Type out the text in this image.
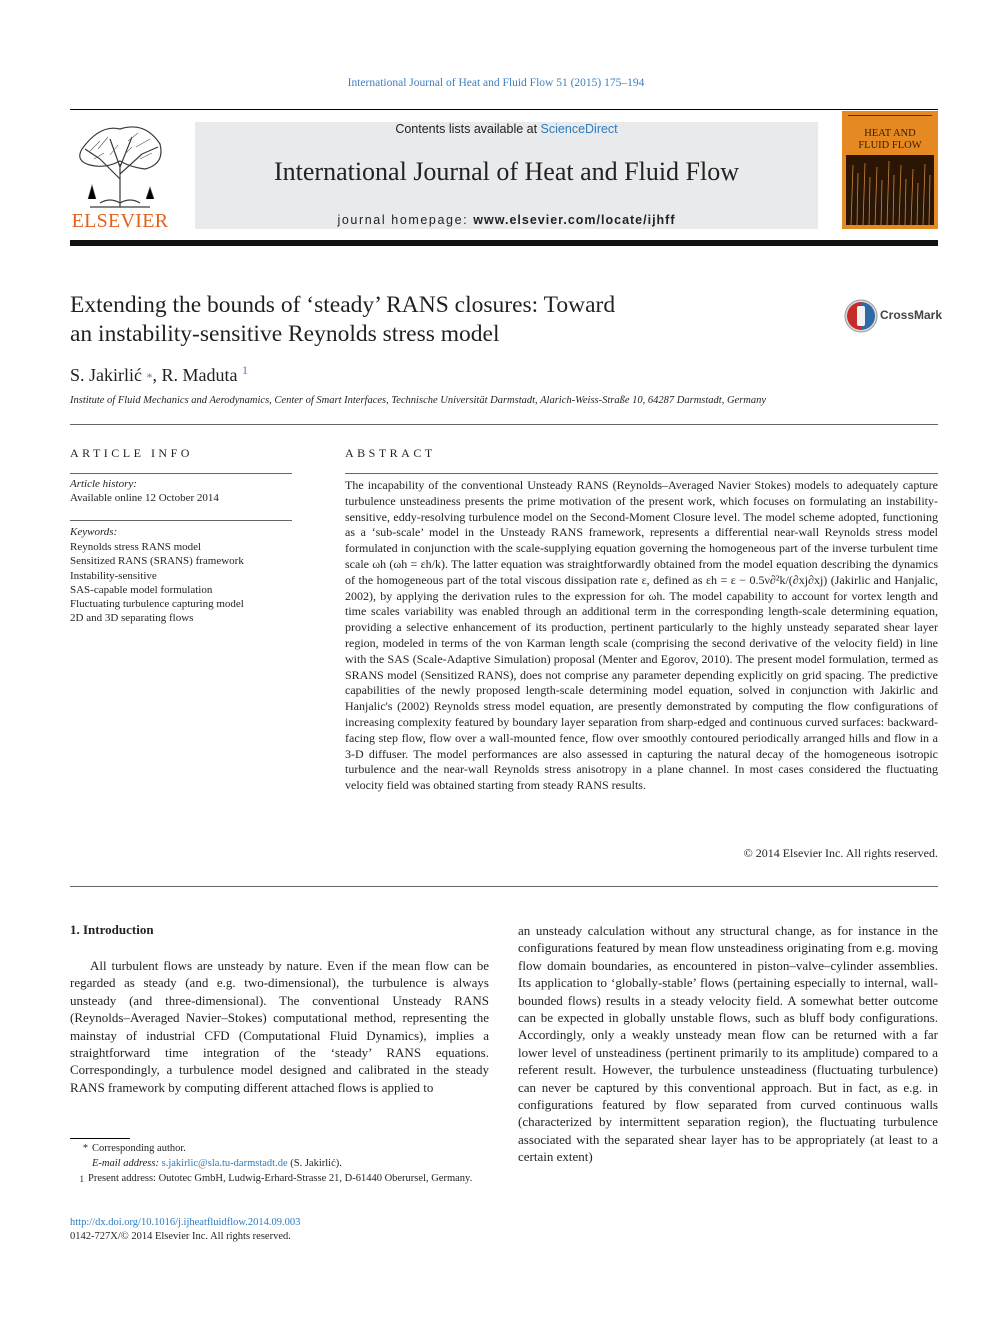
International Journal of Heat and Fluid Flow 51 (2015) 175–194
ELSEVIER
Contents lists available at ScienceDirect
International Journal of Heat and Fluid Flow
journal homepage: www.elsevier.com/locate/ijhff
HEAT AND
FLUID FLOW
Extending the bounds of ‘steady’ RANS closures: Toward
an instability-sensitive Reynolds stress model
CrossMark
S. Jakirlić *, R. Maduta $^1$
Institute of Fluid Mechanics and Aerodynamics, Center of Smart Interfaces, Technische Universität Darmstadt, Alarich-Weiss-Straße 10, 64287 Darmstadt, Germany
ARTICLE INFO
Article history:
Available online 12 October 2014
Keywords:
Reynolds stress RANS model
Sensitized RANS (SRANS) framework
Instability-sensitive
SAS-capable model formulation
Fluctuating turbulence capturing model
2D and 3D separating flows
ABSTRACT

The incapability of the conventional Unsteady RANS (Reynolds–Averaged Navier Stokes) models to adequately capture turbulence unsteadiness presents the prime motivation of the present work, which focuses on formulating an instability-sensitive, eddy-resolving turbulence model on the Second-Moment Closure level. The model scheme adopted, functioning as a ‘sub-scale’ model in the Unsteady RANS framework, represents a differential near-wall Reynolds stress model formulated in conjunction with the scale-supplying equation governing the homogeneous part of the inverse turbulent time scale ωh (ωh = εh/k). The latter equation was straightforwardly obtained from the model equation describing the dynamics of the homogeneous part of the total viscous dissipation rate ε, defined as εh = ε − 0.5ν∂²k/(∂xj∂xj) (Jakirlic and Hanjalic, 2002), by applying the derivation rules to the expression for ωh. The model capability to account for vortex length and time scales variability was enabled through an additional term in the corresponding length-scale determining equation, providing a selective enhancement of its production, pertinent particularly to the highly unsteady separated shear layer region, modeled in terms of the von Karman length scale (comprising the second derivative of the velocity field) in line with the SAS (Scale-Adaptive Simulation) proposal (Menter and Egorov, 2010). The present model formulation, termed as SRANS model (Sensitized RANS), does not comprise any parameter depending explicitly on grid spacing. The predictive capabilities of the newly proposed length-scale determining model equation, solved in conjunction with Jakirlic and Hanjalic's (2002) Reynolds stress model equation, are presently demonstrated by computing the flow configurations of increasing complexity featured by boundary layer separation from sharp-edged and continuous curved surfaces: backward-facing step flow, flow over a wall-mounted fence, flow over smoothly contoured periodically arranged hills and flow in a 3-D diffuser. The model performances are also assessed in capturing the natural decay of the homogeneous isotropic turbulence and the near-wall Reynolds stress anisotropy in a plane channel. In most cases considered the fluctuating velocity field was obtained starting from steady RANS results.

© 2014 Elsevier Inc. All rights reserved.
1. Introduction

All turbulent flows are unsteady by nature. Even if the mean flow can be regarded as steady (and e.g. two-dimensional), the turbulence is always unsteady (and three-dimensional). The conventional Unsteady RANS (Reynolds–Averaged Navier–Stokes) computational method, representing the mainstay of industrial CFD (Computational Fluid Dynamics), implies a straightforward time integration of the ‘steady’ RANS equations. Correspondingly, a turbulence model designed and calibrated in the steady RANS framework by computing different attached flows is applied to

an unsteady calculation without any structural change, as for instance in the configurations featured by mean flow unsteadiness originating from e.g. moving flow domain boundaries, as encountered in piston–valve–cylinder assemblies. Its application to ‘globally-stable’ flows (pertaining especially to internal, wall-bounded flows) results in a steady velocity field. A somewhat better outcome can be expected in globally unstable flows, such as bluff body configurations. Accordingly, only a weakly unsteady mean flow can be returned with a far lower level of unsteadiness (pertinent primarily to its amplitude) compared to a referent result. However, the turbulence unsteadiness (fluctuating turbulence) can never be captured by this conventional approach. But in fact, as e.g. in configurations featured by flow separated from curved continuous walls (characterized by intermittent separation region), the fluctuating turbulence associated with the separated shear layer has to be appropriately (at least to a certain extent)

* Corresponding author.
E-mail address: s.jakirlic@sla.tu-darmstadt.de (S. Jakirlić).
1 Present address: Outotec GmbH, Ludwig-Erhard-Strasse 21, D-61440 Oberursel, Germany.
http://dx.doi.org/10.1016/j.ijheatfluidflow.2014.09.003
0142-727X/© 2014 Elsevier Inc. All rights reserved.
